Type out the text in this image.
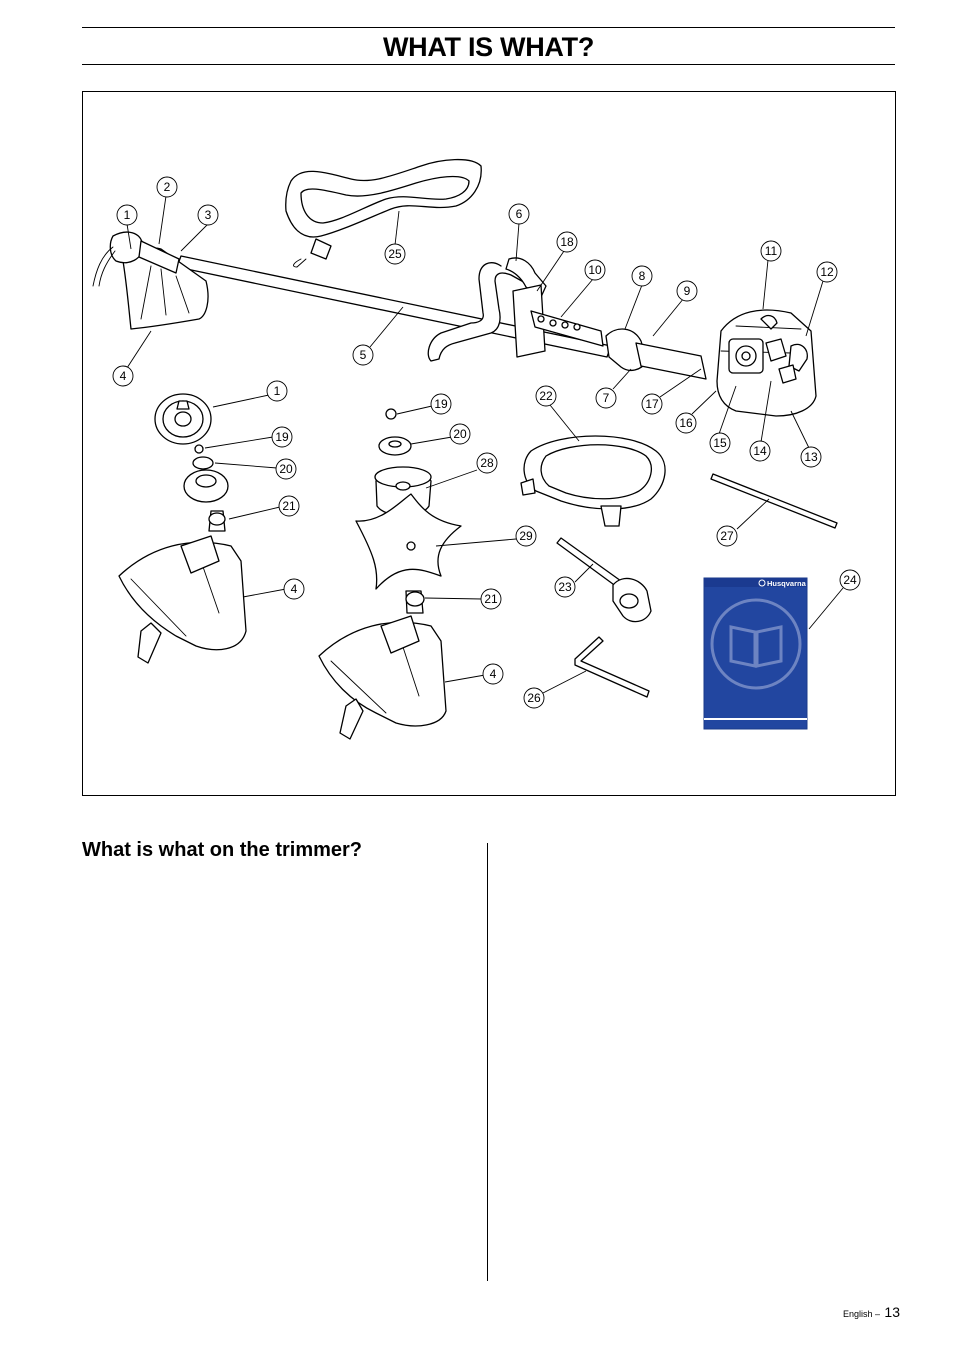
WHAT IS WHAT?
1
2
3
4
5
6
18
10	8
9
11
12
25
7	17
16
15
14	13
22
1
19
20	28
19
20
21
29	27
4	23	24
21
4
26
Husqvarna
What is what on the trimmer?
English – 13
